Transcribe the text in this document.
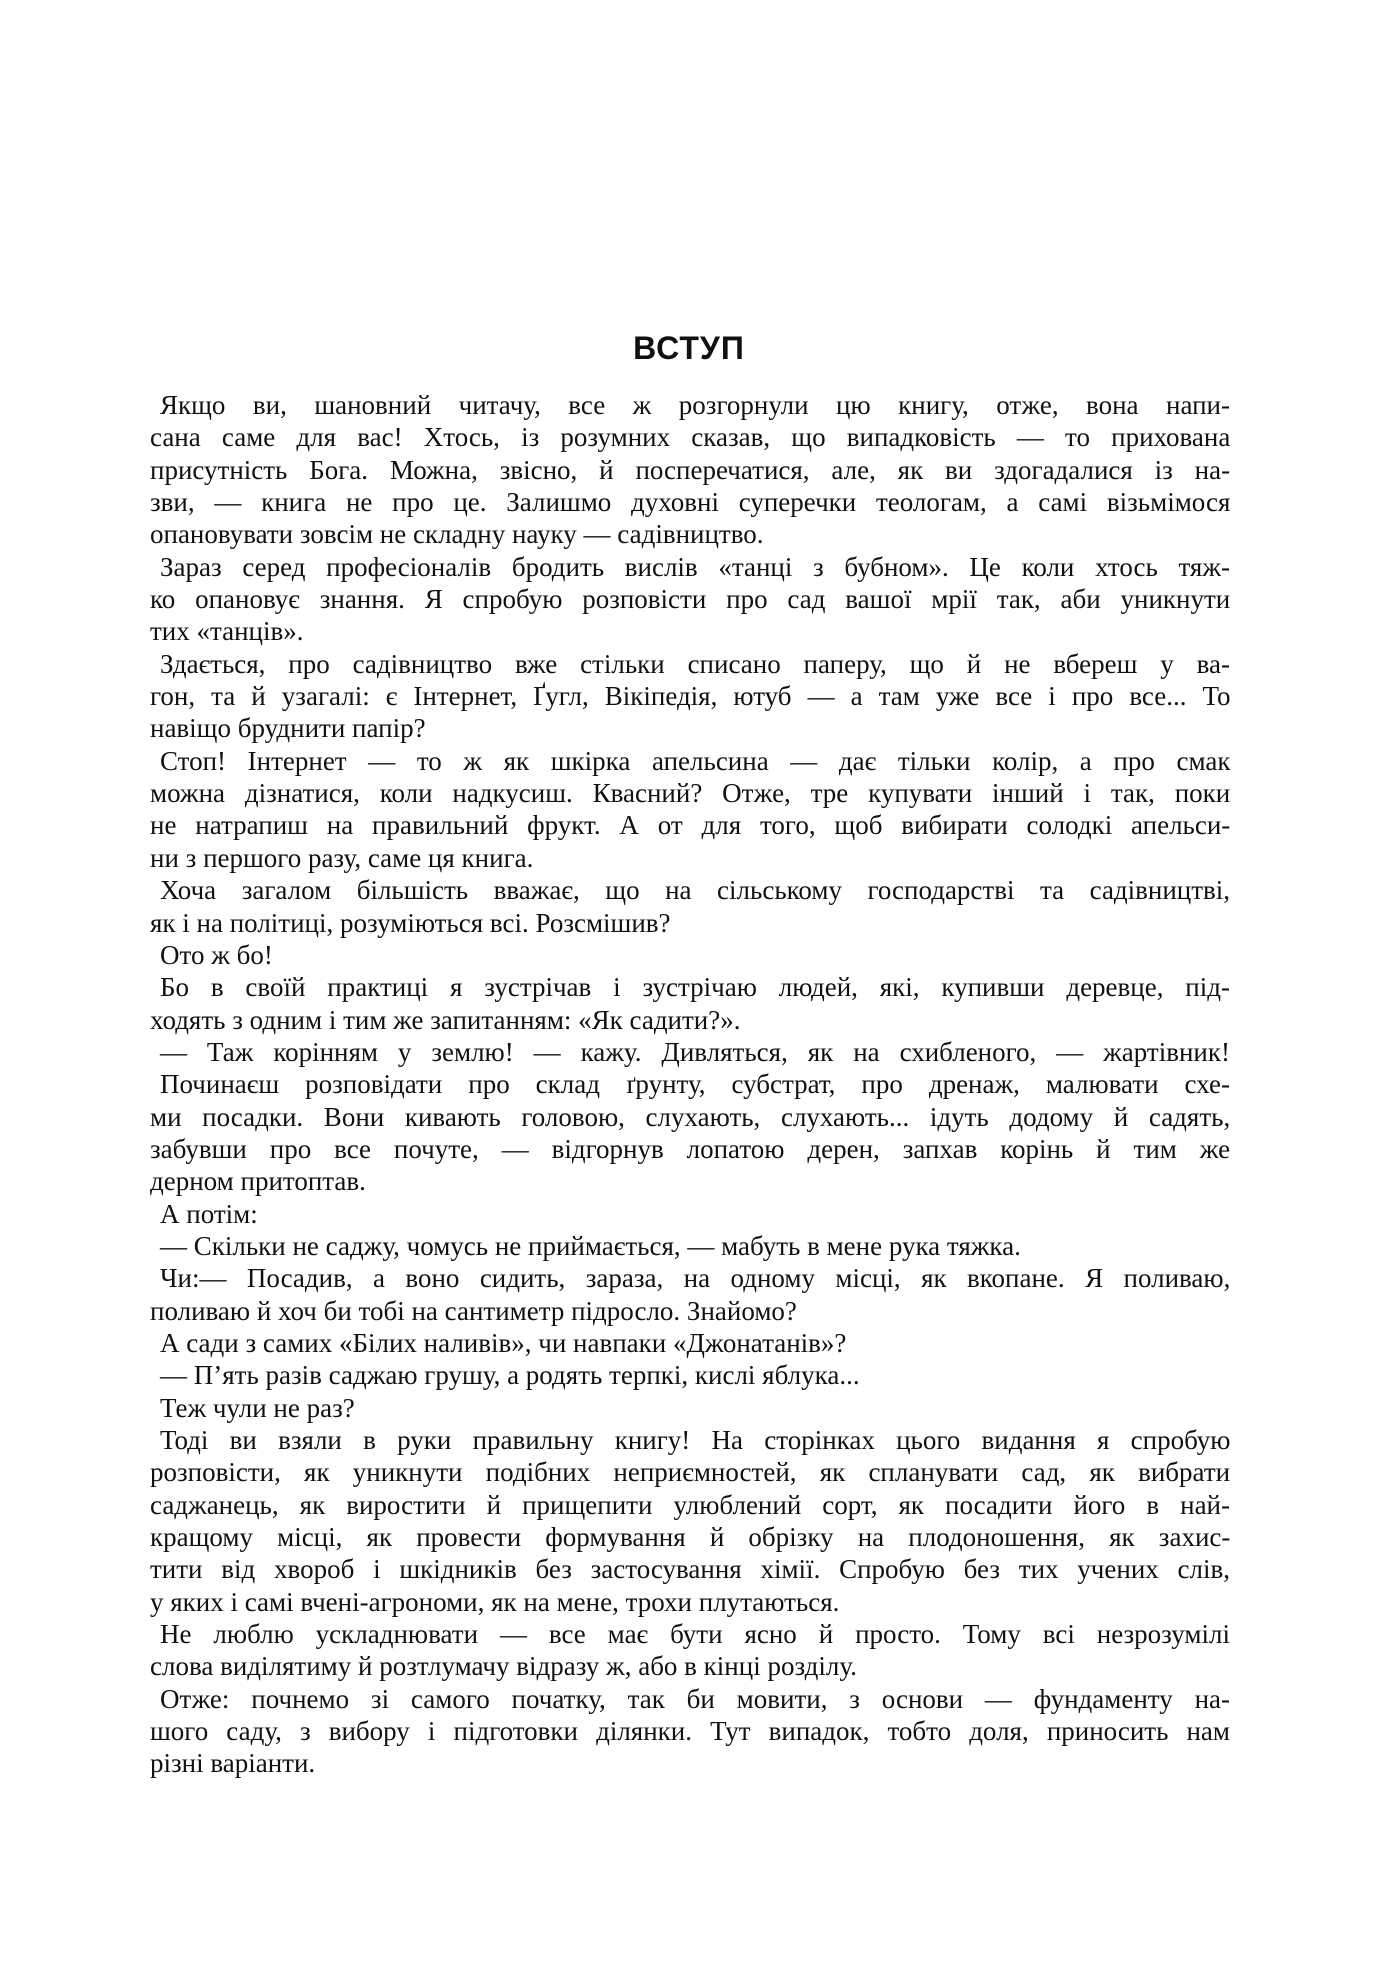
ВСТУП

Якщо ви, шановний читачу, все ж розгорнули цю книгу, отже, вона напи-
сана саме для вас! Хтось, із розумних сказав, що випадковість — то прихована
присутність Бога. Можна, звісно, й посперечатися, але, як ви здогадалися із на-
зви, — книга не про це. Залишмо духовні суперечки теологам, а самі візьмімося
опановувати зовсім не складну науку — садівництво.

Зараз серед професіоналів бродить вислів «танці з бубном». Це коли хтось тяж-
ко опановує знання. Я спробую розповісти про сад вашої мрії так, аби уникнути
тих «танців».

Здається, про садівництво вже стільки списано паперу, що й не вбереш у ва-
гон, та й узагалі: є Інтернет, Ґугл, Вікіпедія, ютуб — а там уже все і про все... То
навіщо бруднити папір?

Стоп! Інтернет — то ж як шкірка апельсина — дає тільки колір, а про смак
можна дізнатися, коли надкусиш. Квасний? Отже, тре купувати інший і так, поки
не натрапиш на правильний фрукт. А от для того, щоб вибирати солодкі апельси-
ни з першого разу, саме ця книга.

Хоча загалом більшість вважає, що на сільському господарстві та садівництві,
як і на політиці, розуміються всі. Розсмішив?

Ото ж бо!

Бо в своїй практиці я зустрічав і зустрічаю людей, які, купивши деревце, під-
ходять з одним і тим же запитанням: «Як садити?».

— Таж корінням у землю! — кажу. Дивляться, як на схибленого, — жартівник!

Починаєш розповідати про склад ґрунту, субстрат, про дренаж, малювати схе-
ми посадки. Вони кивають головою, слухають, слухають... ідуть додому й садять,
забувши про все почуте, — відгорнув лопатою дерен, запхав корінь й тим же
дерном притоптав.

А потім:

— Скільки не саджу, чомусь не приймається, — мабуть в мене рука тяжка.

Чи:— Посадив, а воно сидить, зараза, на одному місці, як вкопане. Я поливаю,
поливаю й хоч би тобі на сантиметр підросло. Знайомо?

А сади з самих «Білих наливів», чи навпаки «Джонатанів»?

— П’ять разів саджаю грушу, а родять терпкі, кислі яблука...

Теж чули не раз?

Тоді ви взяли в руки правильну книгу! На сторінках цього видання я спробую
розповісти, як уникнути подібних неприємностей, як спланувати сад, як вибрати
саджанець, як виростити й прищепити улюблений сорт, як посадити його в най-
кращому місці, як провести формування й обрізку на плодоношення, як захис-
тити від хвороб і шкідників без застосування хімії. Спробую без тих учених слів,
у яких і самі вчені-агрономи, як на мене, трохи плутаються.

Не люблю ускладнювати — все має бути ясно й просто. Тому всі незрозумілі
слова виділятиму й розтлумачу відразу ж, або в кінці розділу.

Отже: почнемо зі самого початку, так би мовити, з основи — фундаменту на-
шого саду, з вибору і підготовки ділянки. Тут випадок, тобто доля, приносить нам
різні варіанти.
